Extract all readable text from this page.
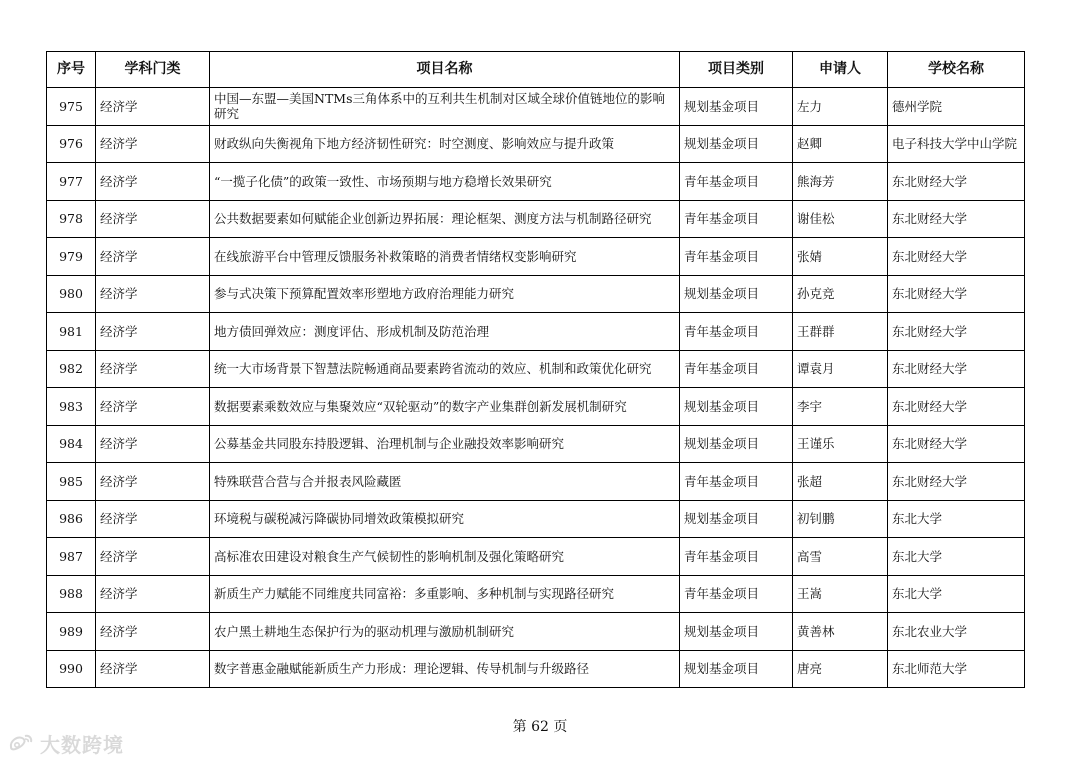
序号	学科门类	项目名称	项目类别	申请人	学校名称
975	经济学	中国—东盟—美国NTMs三角体系中的互利共生机制对区域全球价值链地位的影响研究	规划基金项目	左力	德州学院
976	经济学	财政纵向失衡视角下地方经济韧性研究：时空测度、影响效应与提升政策	规划基金项目	赵卿	电子科技大学中山学院
977	经济学	“一揽子化债”的政策一致性、市场预期与地方稳增长效果研究	青年基金项目	熊海芳	东北财经大学
978	经济学	公共数据要素如何赋能企业创新边界拓展：理论框架、测度方法与机制路径研究	青年基金项目	谢佳松	东北财经大学
979	经济学	在线旅游平台中管理反馈服务补救策略的消费者情绪权变影响研究	青年基金项目	张婧	东北财经大学
980	经济学	参与式决策下预算配置效率形塑地方政府治理能力研究	规划基金项目	孙克竞	东北财经大学
981	经济学	地方债回弹效应：测度评估、形成机制及防范治理	青年基金项目	王群群	东北财经大学
982	经济学	统一大市场背景下智慧法院畅通商品要素跨省流动的效应、机制和政策优化研究	青年基金项目	谭袁月	东北财经大学
983	经济学	数据要素乘数效应与集聚效应“双轮驱动”的数字产业集群创新发展机制研究	规划基金项目	李宇	东北财经大学
984	经济学	公募基金共同股东持股逻辑、治理机制与企业融投效率影响研究	规划基金项目	王谨乐	东北财经大学
985	经济学	特殊联营合营与合并报表风险藏匿	青年基金项目	张超	东北财经大学
986	经济学	环境税与碳税减污降碳协同增效政策模拟研究	规划基金项目	初钊鹏	东北大学
987	经济学	高标准农田建设对粮食生产气候韧性的影响机制及强化策略研究	青年基金项目	高雪	东北大学
988	经济学	新质生产力赋能不同维度共同富裕：多重影响、多种机制与实现路径研究	青年基金项目	王嵩	东北大学
989	经济学	农户黑土耕地生态保护行为的驱动机理与激励机制研究	规划基金项目	黄善林	东北农业大学
990	经济学	数字普惠金融赋能新质生产力形成：理论逻辑、传导机制与升级路径	规划基金项目	唐亮	东北师范大学
第 62 页
大数跨境
